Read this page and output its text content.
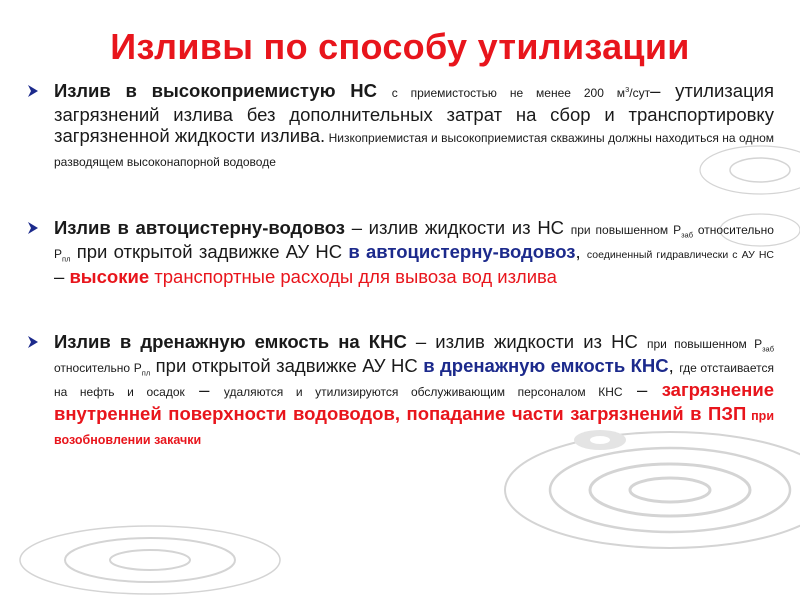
Изливы по способу утилизации
Излив в высокоприемистую НС с приемистостью не менее 200 $м^3/сут-$ утилизация загрязнений излива без дополнительных затрат на сбор и транспортировку загрязненной жидкости излива. Низкоприемистая и высокоприемистая скважины должны находиться на одном разводящем высоконапорной водоводе
Излив в автоцистерну-водовоз – излив жидкости из НС при повышенном $Р_{заб}$ относительно $Р_{пл}$ при открытой задвижке АУ НС в автоцистерну-водовоз, соединенный гидравлически с АУ НС – высокие транспортные расходы для вывоза вод излива
Излив в дренажную емкость на КНС – излив жидкости из НС при повышенном $Р_{заб}$ относительно $Р_{пл}$ при открытой задвижке АУ НС в дренажную емкость КНС, где отстаивается на нефть и осадок – удаляются и утилизируются обслуживающим персоналом КНС – загрязнение внутренней поверхности водоводов, попадание части загрязнений в ПЗП при возобновлении закачки
